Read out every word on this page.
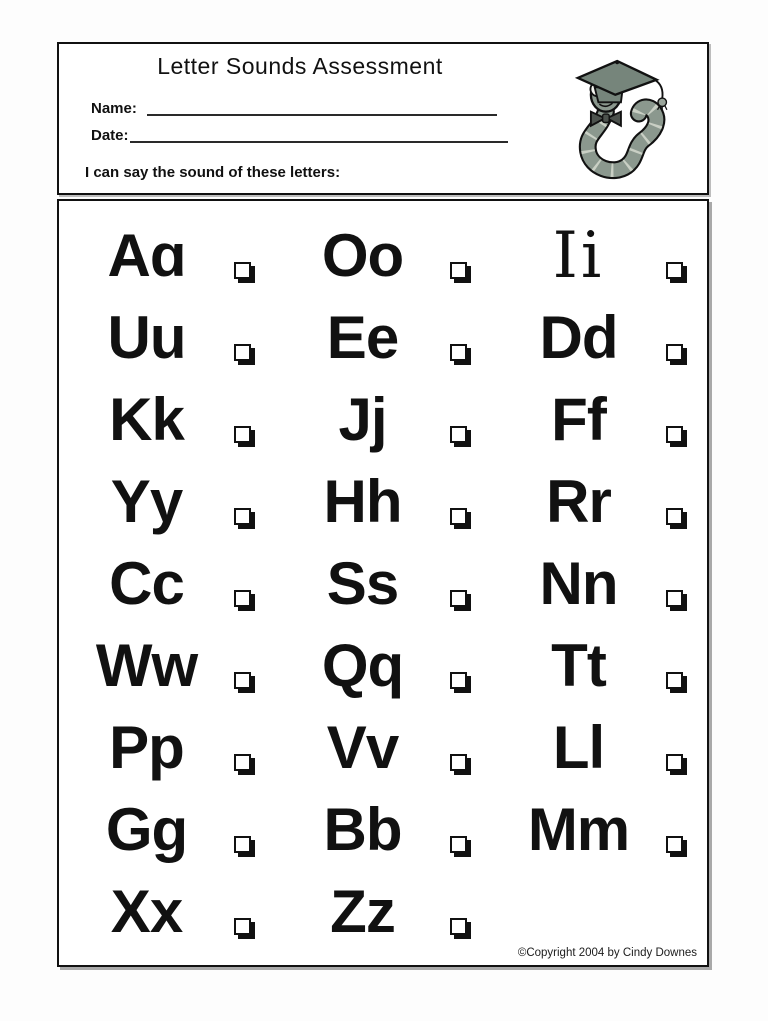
Letter Sounds Assessment
Name:
Date:
I can say the sound of these letters:
Aɑ	Oo	Ii
Uu	Ee	Dd
Kk	Jj	Ff
Yy	Hh	Rr
Cc	Ss	Nn
Ww	Qq	Tt
Pp	Vv	Ll
Gg	Bb	Mm
Xx	Zz
©Copyright 2004 by Cindy Downes
